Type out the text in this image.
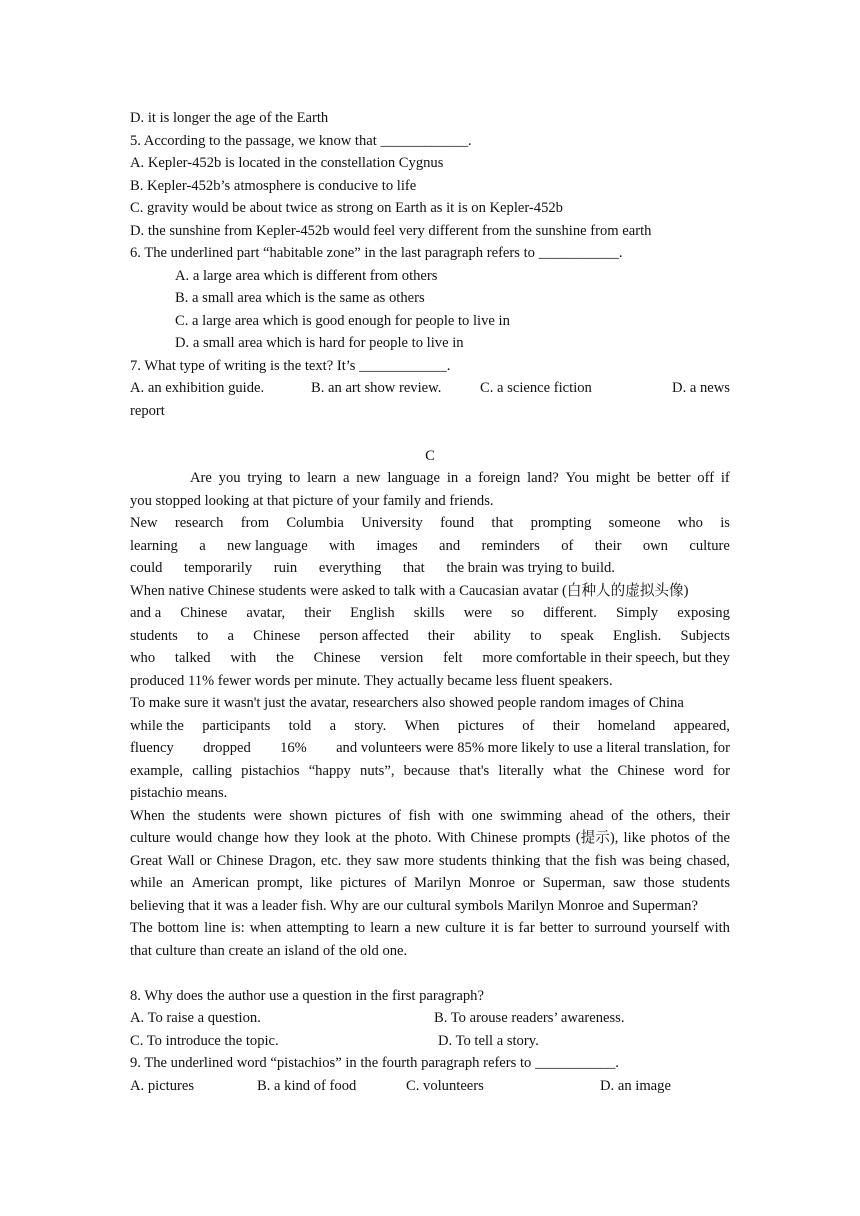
D. it is longer the age of the Earth
5. According to the passage, we know that ____________.
A. Kepler-452b is located in the constellation Cygnus
B. Kepler-452b’s atmosphere is conducive to life
C. gravity would be about twice as strong on Earth as it is on Kepler-452b
D. the sunshine from Kepler-452b would feel very different from the sunshine from earth
6. The underlined part “habitable zone” in the last paragraph refers to ___________.
A. a large area which is different from others
B. a small area which is the same as others
C. a large area which is good enough for people to live in
D. a small area which is hard for people to live in
7. What type of writing is the text? It’s ____________.
A. an exhibition guide.	B. an art show review.	C. a science fiction	D. a news
report
C
Are you trying to learn a new language in a foreign land? You might be better off if
you stopped looking at that picture of your family and friends.
New research from Columbia University found that prompting someone who is
learning a new language with images and reminders of their own culture
could temporarily ruin everything that the brain was trying to build.
When native Chinese students were asked to talk with a Caucasian avatar (白种人的虚拟头像)
and a Chinese avatar, their English skills were so different. Simply exposing
students to a Chinese person affected their ability to speak English. Subjects
who talked with the Chinese version felt more comfortable in their speech, but they
produced 11% fewer words per minute. They actually became less fluent speakers.
To make sure it wasn't just the avatar, researchers also showed people random images of China
while the participants told a story. When pictures of their homeland appeared,
fluency dropped 16% and volunteers were 85% more likely to use a literal translation, for
example, calling pistachios “happy nuts”, because that's literally what the Chinese word for
pistachio means.
When the students were shown pictures of fish with one swimming ahead of the others, their
culture would change how they look at the photo. With Chinese prompts (提示), like photos of the
Great Wall or Chinese Dragon, etc. they saw more students thinking that the fish was being chased,
while an American prompt, like pictures of Marilyn Monroe or Superman, saw those students
believing that it was a leader fish. Why are our cultural symbols Marilyn Monroe and Superman?
The bottom line is: when attempting to learn a new culture it is far better to surround yourself with
that culture than create an island of the old one.
8. Why does the author use a question in the first paragraph?
A. To raise a question.	B. To arouse readers’ awareness.
C. To introduce the topic.	D. To tell a story.
9. The underlined word “pistachios” in the fourth paragraph refers to ___________.
A. pictures	B. a kind of food	C. volunteers	D. an image
